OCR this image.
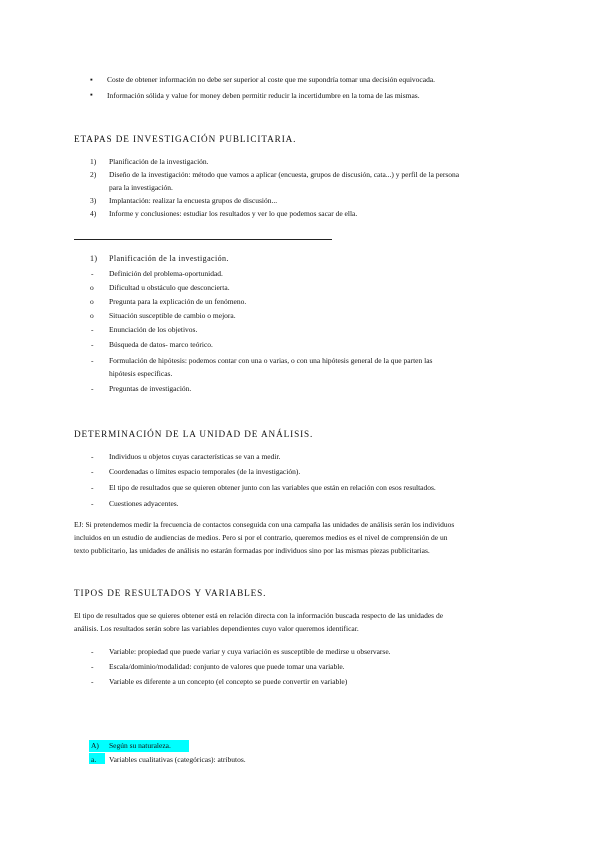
▪ Coste de obtener información no debe ser superior al coste que me supondría tomar una decisión equivocada.
▪ Información sólida y value for money deben permitir reducir la incertidumbre en la toma de las mismas.
ETAPAS DE INVESTIGACIÓN PUBLICITARIA.
1) Planificación de la investigación.
2) Diseño de la investigación: método que vamos a aplicar (encuesta, grupos de discusión, cata...) y perfil de la persona
para la investigación.
3) Implantación: realizar la encuesta grupos de discusión...
4) Informe y conclusiones: estudiar los resultados y ver lo que podemos sacar de ella.
1) Planificación de la investigación.
- Definición del problema-oportunidad.
o Dificultad u obstáculo que desconcierta.
o Pregunta para la explicación de un fenómeno.
o Situación susceptible de cambio o mejora.
- Enunciación de los objetivos.
- Búsqueda de datos- marco teórico.
- Formulación de hipótesis: podemos contar con una o varias, o con una hipótesis general de la que parten las
hipótesis específicas.
- Preguntas de investigación.
DETERMINACIÓN DE LA UNIDAD DE ANÁLISIS.
- Individuos u objetos cuyas características se van a medir.
- Coordenadas o límites espacio temporales (de la investigación).
- El tipo de resultados que se quieren obtener junto con las variables que están en relación con esos resultados.
- Cuestiones adyacentes.
EJ: Si pretendemos medir la frecuencia de contactos conseguida con una campaña las unidades de análisis serán los individuos
incluidos en un estudio de audiencias de medios. Pero si por el contrario, queremos medios es el nivel de comprensión de un
texto publicitario, las unidades de análisis no estarán formadas por individuos sino por las mismas piezas publicitarias.
TIPOS DE RESULTADOS Y VARIABLES.
El tipo de resultados que se quieres obtener está en relación directa con la información buscada respecto de las unidades de
análisis. Los resultados serán sobre las variables dependientes cuyo valor queremos identificar.
- Variable: propiedad que puede variar y cuya variación es susceptible de medirse u observarse.
- Escala/dominio/modalidad: conjunto de valores que puede tomar una variable.
- Variable es diferente a un concepto (el concepto se puede convertir en variable)
A) Según su naturaleza.
a. Variables cualitativas (categóricas): atributos.
